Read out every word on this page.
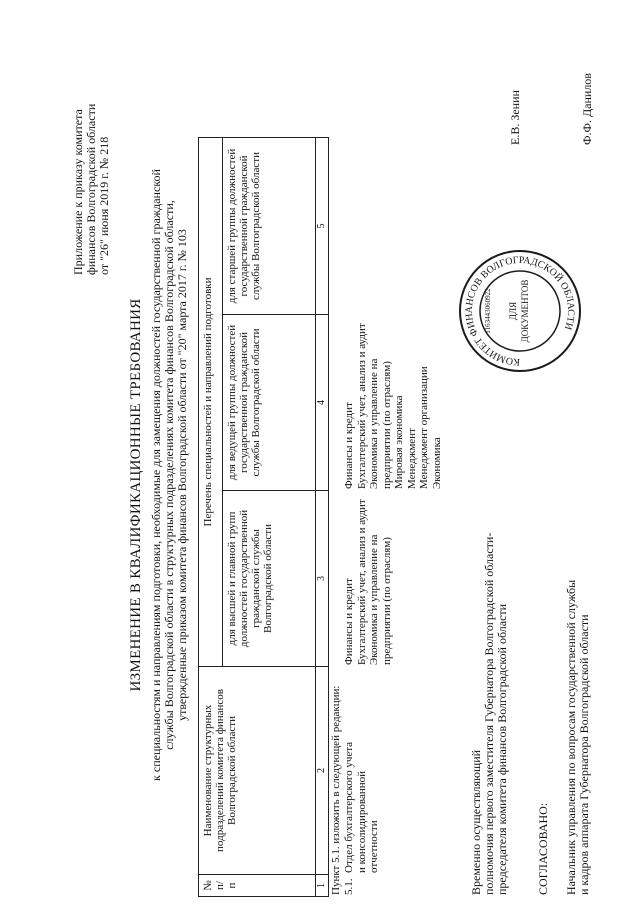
Приложение к приказу комитета финансов Волгоградской области от "26" июня 2019 г. № 218
ИЗМЕНЕНИЕ В КВАЛИФИКАЦИОННЫЕ ТРЕБОВАНИЯ к специальностям и направлениям подготовки, необходимые для замещения должностей государственной гражданской службы Волгоградской области в структурных подразделениях комитета финансов Волгоградской области, утвержденные приказом комитета финансов Волгоградской области от "20" марта 2017 г. № 103
№ п/п
Наименование структурных подразделений комитета финансов Волгоградской области
Перечень специальностей и направлений подготовки
для высшей и главной групп должностей государственной гражданской службы Волгоградской области
для ведущей группы должностей государственной гражданской службы Волгоградской области
для старшей группы должностей государственной гражданской службы Волгоградской области
1
2
3
4
5
Пункт 5.1. изложить в следующей редакции: 5.1.
Отдел бухгалтерского учета и консолидированной отчетности
Финансы и кредит Бухгалтерский учет, анализ и аудит Экономика и управление на предприятии (по отраслям)
Финансы и кредит Бухгалтерский учет, анализ и аудит Экономика и управление на предприятии (по отраслям) Мировая экономика Менеджмент Менеджмент организации Экономика
Временно осуществляющий полномочия первого заместителя Губернатора Волгоградской области- председателя комитета финансов Волгоградской области
Е.В. Зенин
СОГЛАСОВАНО: Начальник управления по вопросам государственной службы и кадров аппарата Губернатора Волгоградской области
Ф.Ф. Данилов
КОМИТЕТ ФИНАНСОВ ВОЛГОГРАДСКОЙ ОБЛАСТИ
ДЛЯ ДОКУМЕНТОВ
1163443060922
